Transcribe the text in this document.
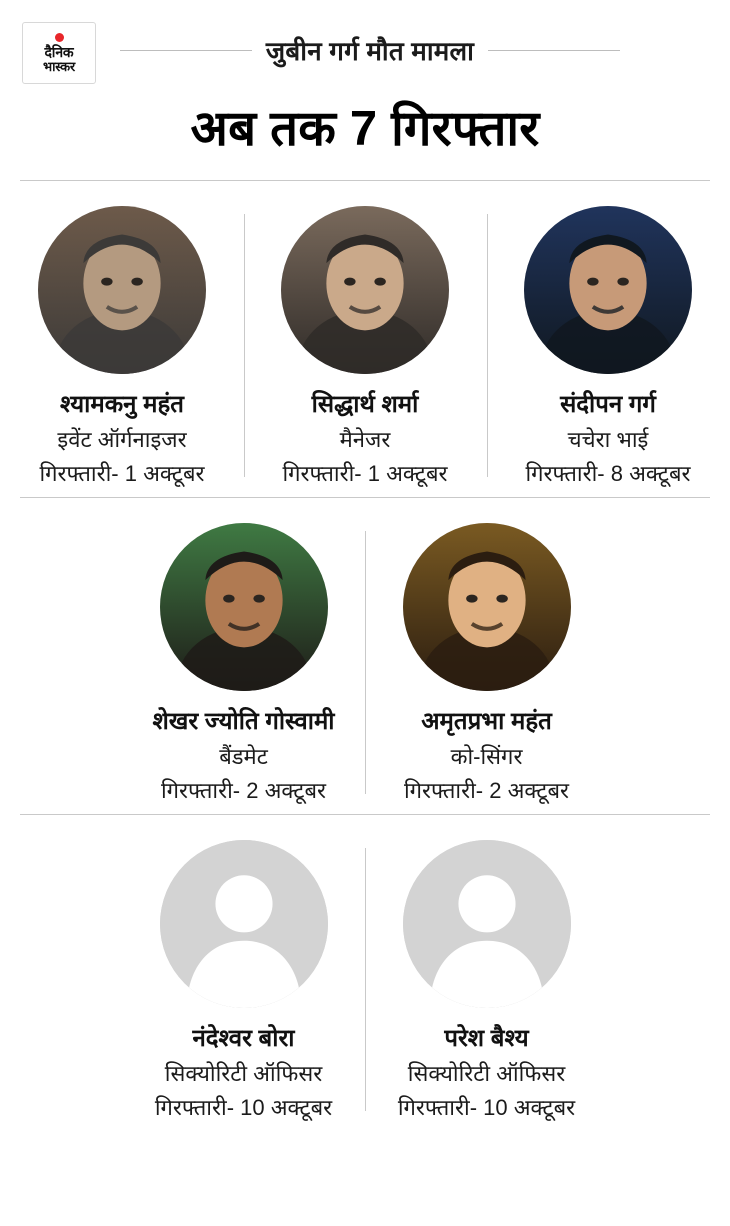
दैनिक
भास्कर
जुबीन गर्ग मौत मामला
अब तक 7 गिरफ्तार
श्यामकनु महंत
इवेंट ऑर्गनाइजर
गिरफ्तारी- 1 अक्टूबर
सिद्धार्थ शर्मा
मैनेजर
गिरफ्तारी- 1 अक्टूबर
संदीपन गर्ग
चचेरा भाई
गिरफ्तारी- 8 अक्टूबर
शेखर ज्योति गोस्वामी
बैंडमेट
गिरफ्तारी- 2 अक्टूबर
अमृतप्रभा महंत
को-सिंगर
गिरफ्तारी- 2 अक्टूबर
नंदेश्वर बोरा
सिक्योरिटी ऑफिसर
गिरफ्तारी- 10 अक्टूबर
परेश बैश्य
सिक्योरिटी ऑफिसर
गिरफ्तारी- 10 अक्टूबर
